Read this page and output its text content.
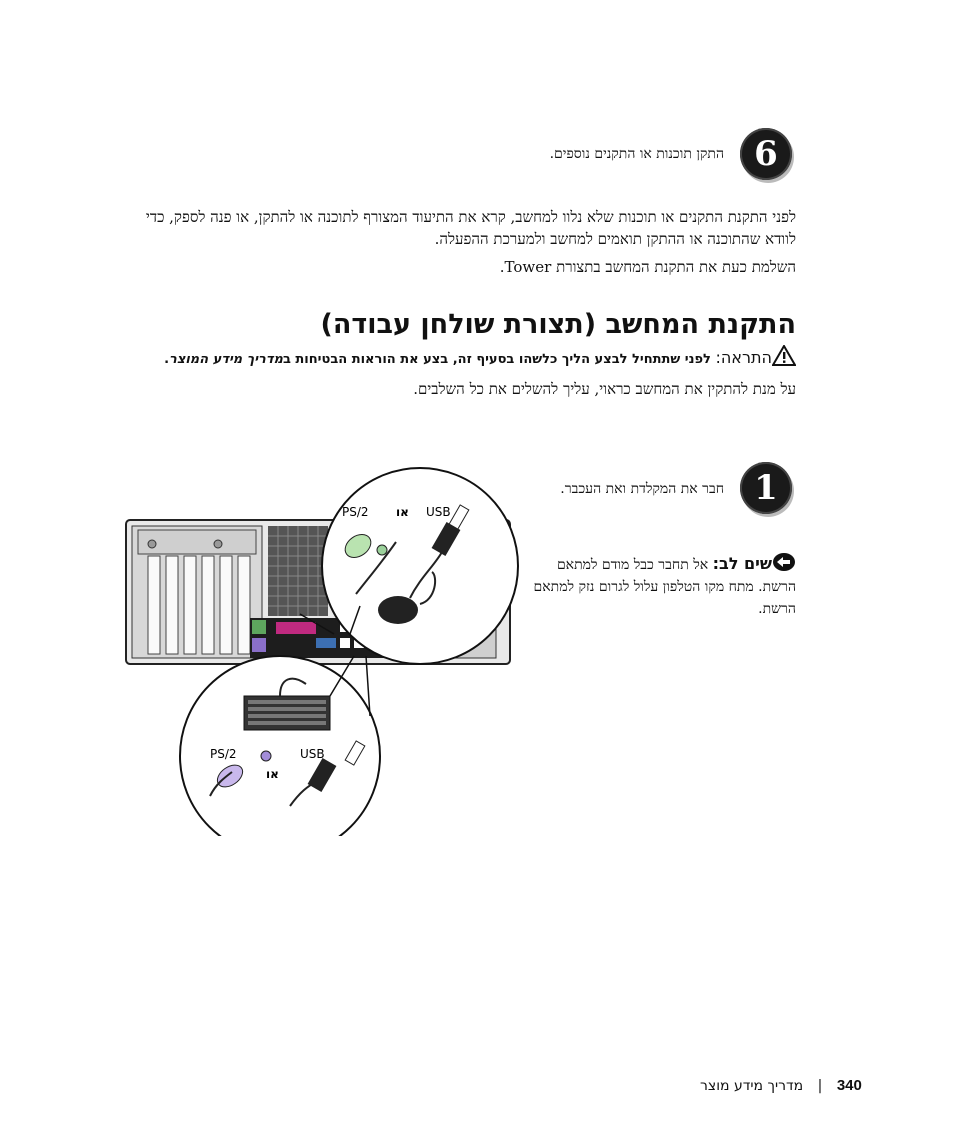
6
התקן תוכנות או התקנים נוספים.
לפני התקנת התקנים או תוכנות שלא נלוו למחשב, קרא את התיעוד המצורף לתוכנה או להתקן, או פנה לספק, כדי לוודא שהתוכנה או ההתקן תואמים למחשב ולמערכת ההפעלה.
השלמת כעת את התקנת המחשב בתצורת Tower.
התקנת המחשב (תצורת שולחן עבודה)
התראה: לפני שתתחיל לבצע הליך כלשהו בסעיף זה, בצע את הוראות הבטיחות במדריך מידע המוצר.
על מנת להתקין את המחשב כראוי, עליך להשלים את כל השלבים.
1
חבר את המקלדת ואת העכבר.
שים לב: אל תחבר כבל מודם למתאם הרשת. מתח מקו הטלפון עלול לגרום נזק למתאם הרשת.
PS/2 או USB
PS/2
או
USB
מדריך מידע מוצר | 340
